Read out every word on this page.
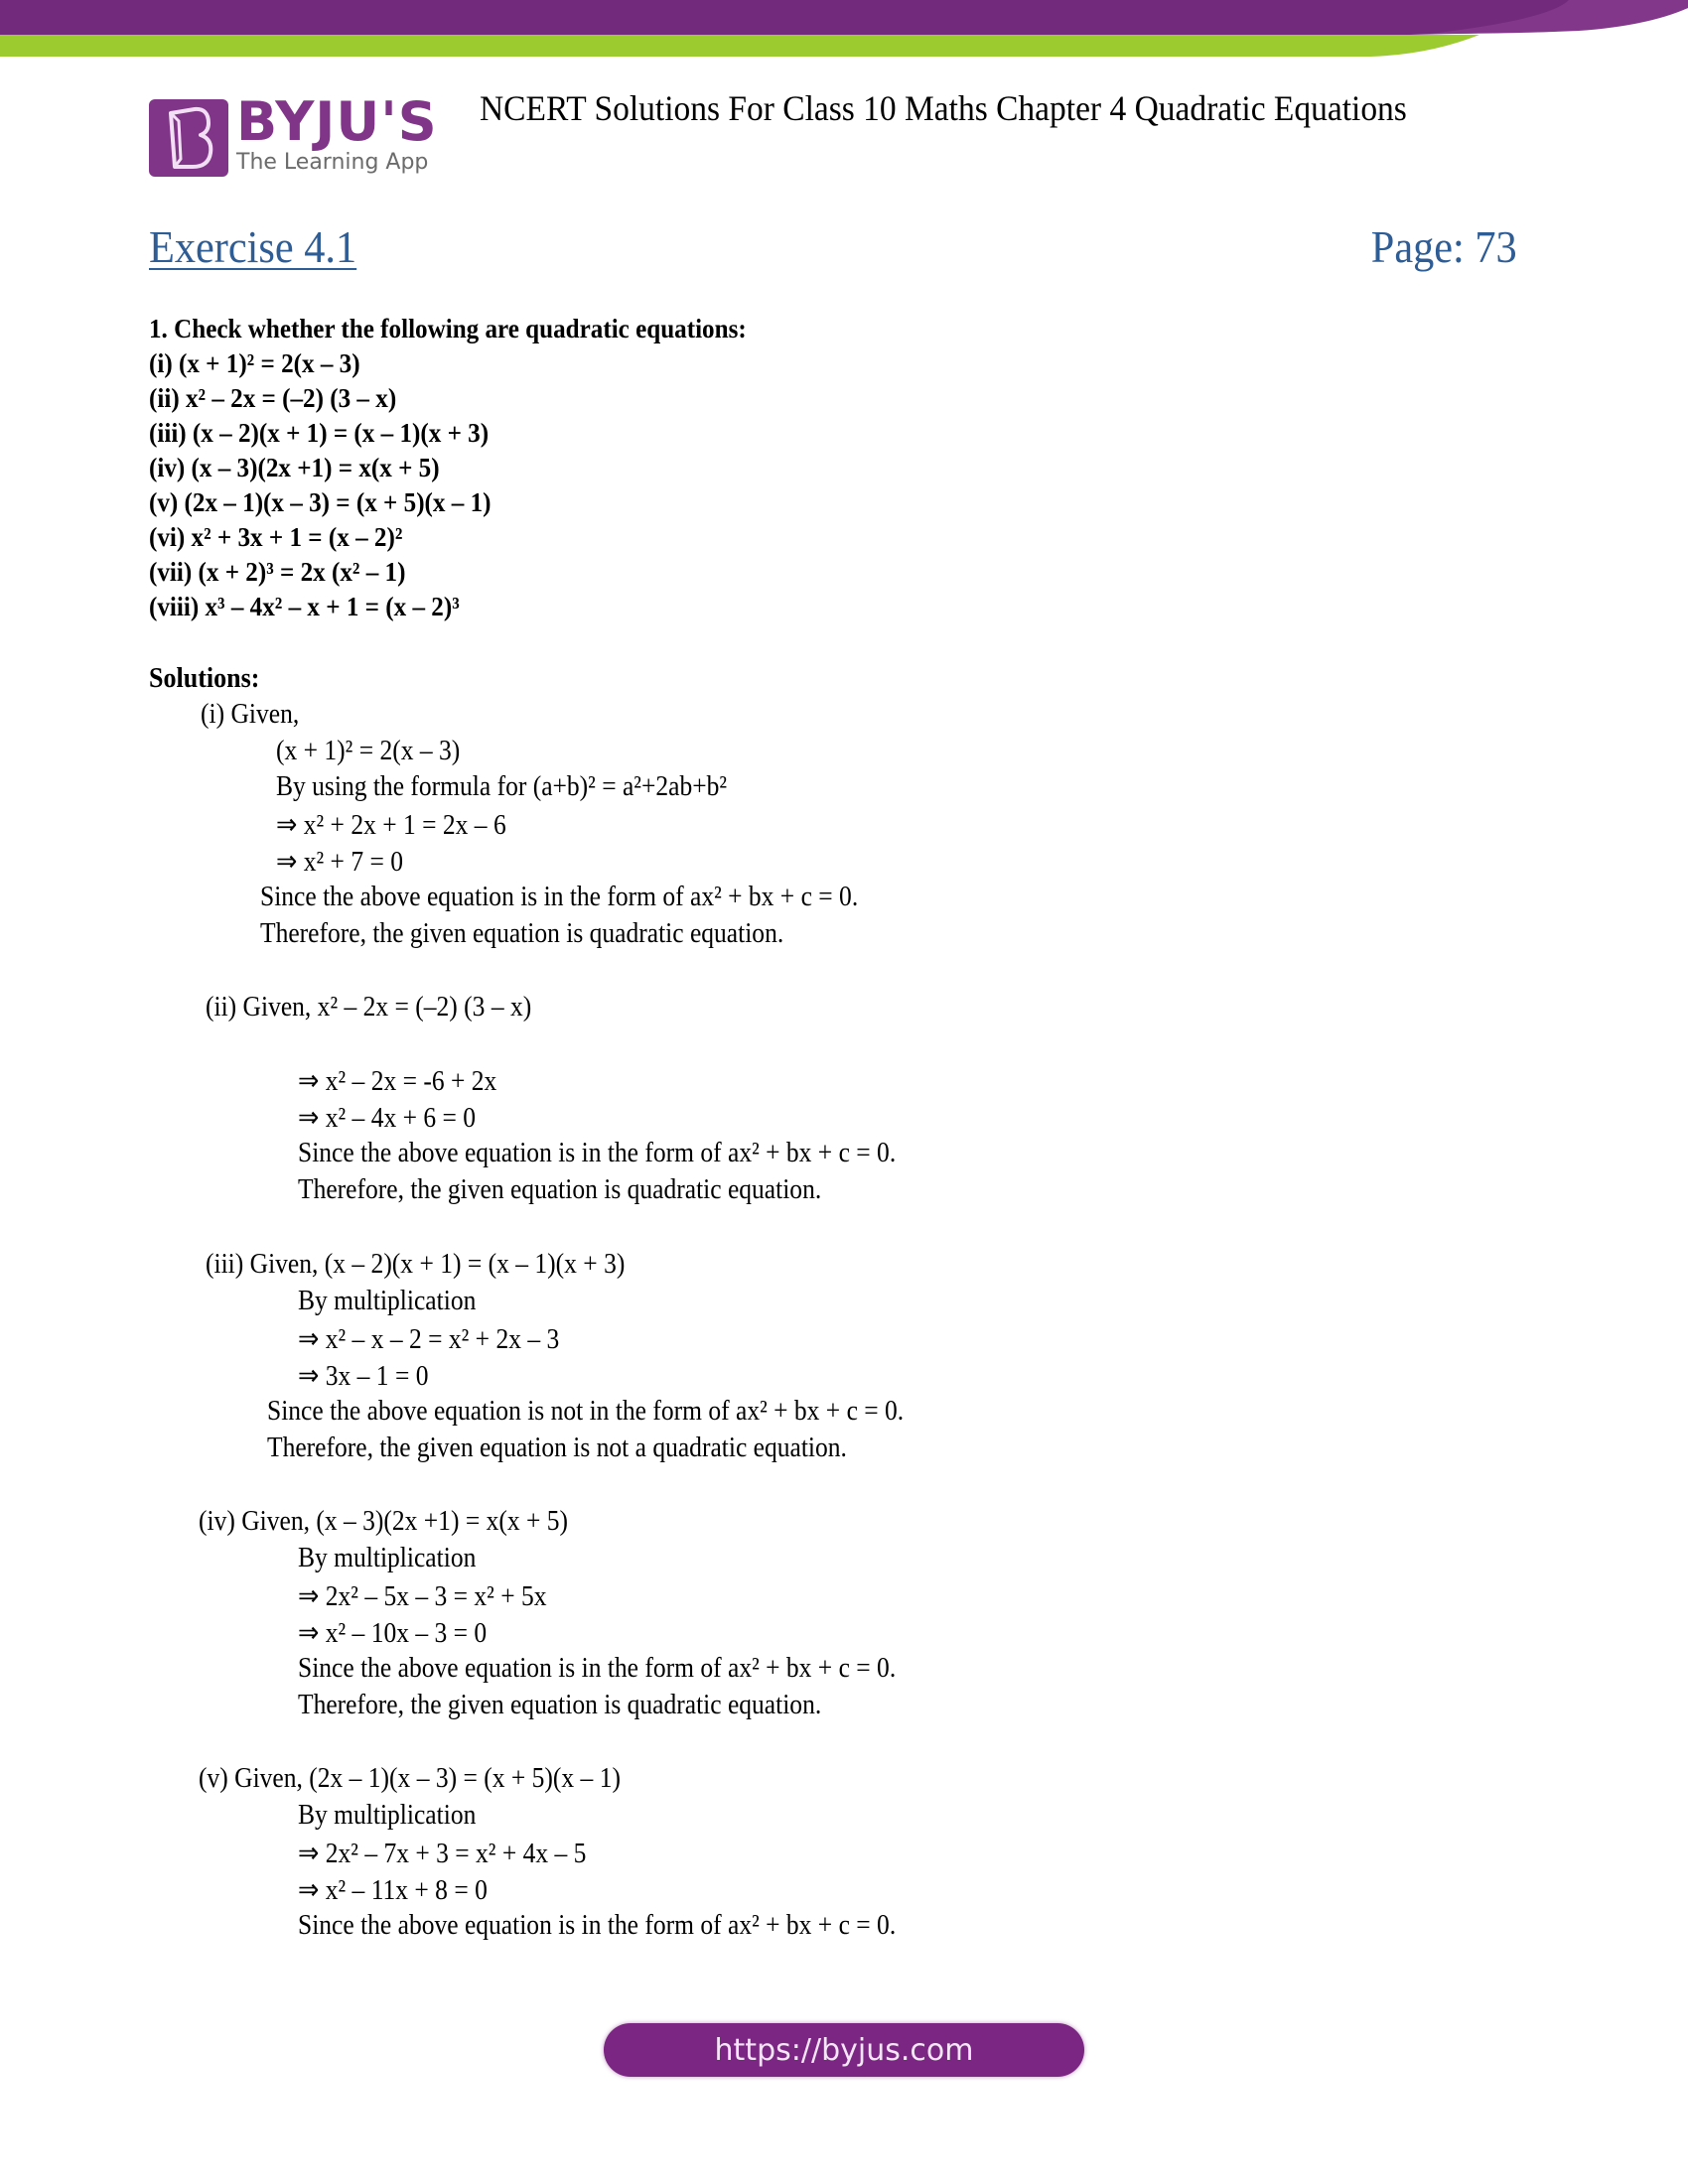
BYJU'S
The Learning App
NCERT Solutions For Class 10 Maths Chapter 4 Quadratic Equations
Exercise 4.1	Page: 73
1. Check whether the following are quadratic equations:
(i) (x + 1)² = 2(x – 3)
(ii) x² – 2x = (–2) (3 – x)
(iii) (x – 2)(x + 1) = (x – 1)(x + 3)
(iv) (x – 3)(2x +1) = x(x + 5)
(v) (2x – 1)(x – 3) = (x + 5)(x – 1)
(vi) x² + 3x + 1 = (x – 2)²
(vii) (x + 2)³ = 2x (x² – 1)
(viii) x³ – 4x² – x + 1 = (x – 2)³
Solutions:
(i) Given,
(x + 1)² = 2(x – 3)
By using the formula for (a+b)² = a²+2ab+b²
⇒ x² + 2x + 1 = 2x – 6
⇒ x² + 7 = 0
Since the above equation is in the form of ax² + bx + c = 0.
Therefore, the given equation is quadratic equation.
(ii) Given, x² – 2x = (–2) (3 – x)
⇒ x² – 2x = -6 + 2x
⇒ x² – 4x + 6 = 0
Since the above equation is in the form of ax² + bx + c = 0.
Therefore, the given equation is quadratic equation.
(iii) Given, (x – 2)(x + 1) = (x – 1)(x + 3)
By multiplication
⇒ x² – x – 2 = x² + 2x – 3
⇒ 3x – 1 = 0
Since the above equation is not in the form of ax² + bx + c = 0.
Therefore, the given equation is not a quadratic equation.
(iv) Given, (x – 3)(2x +1) = x(x + 5)
By multiplication
⇒ 2x² – 5x – 3 = x² + 5x
⇒ x² – 10x – 3 = 0
Since the above equation is in the form of ax² + bx + c = 0.
Therefore, the given equation is quadratic equation.
(v) Given, (2x – 1)(x – 3) = (x + 5)(x – 1)
By multiplication
⇒ 2x² – 7x + 3 = x² + 4x – 5
⇒ x² – 11x + 8 = 0
Since the above equation is in the form of ax² + bx + c = 0.
https://byjus.com
